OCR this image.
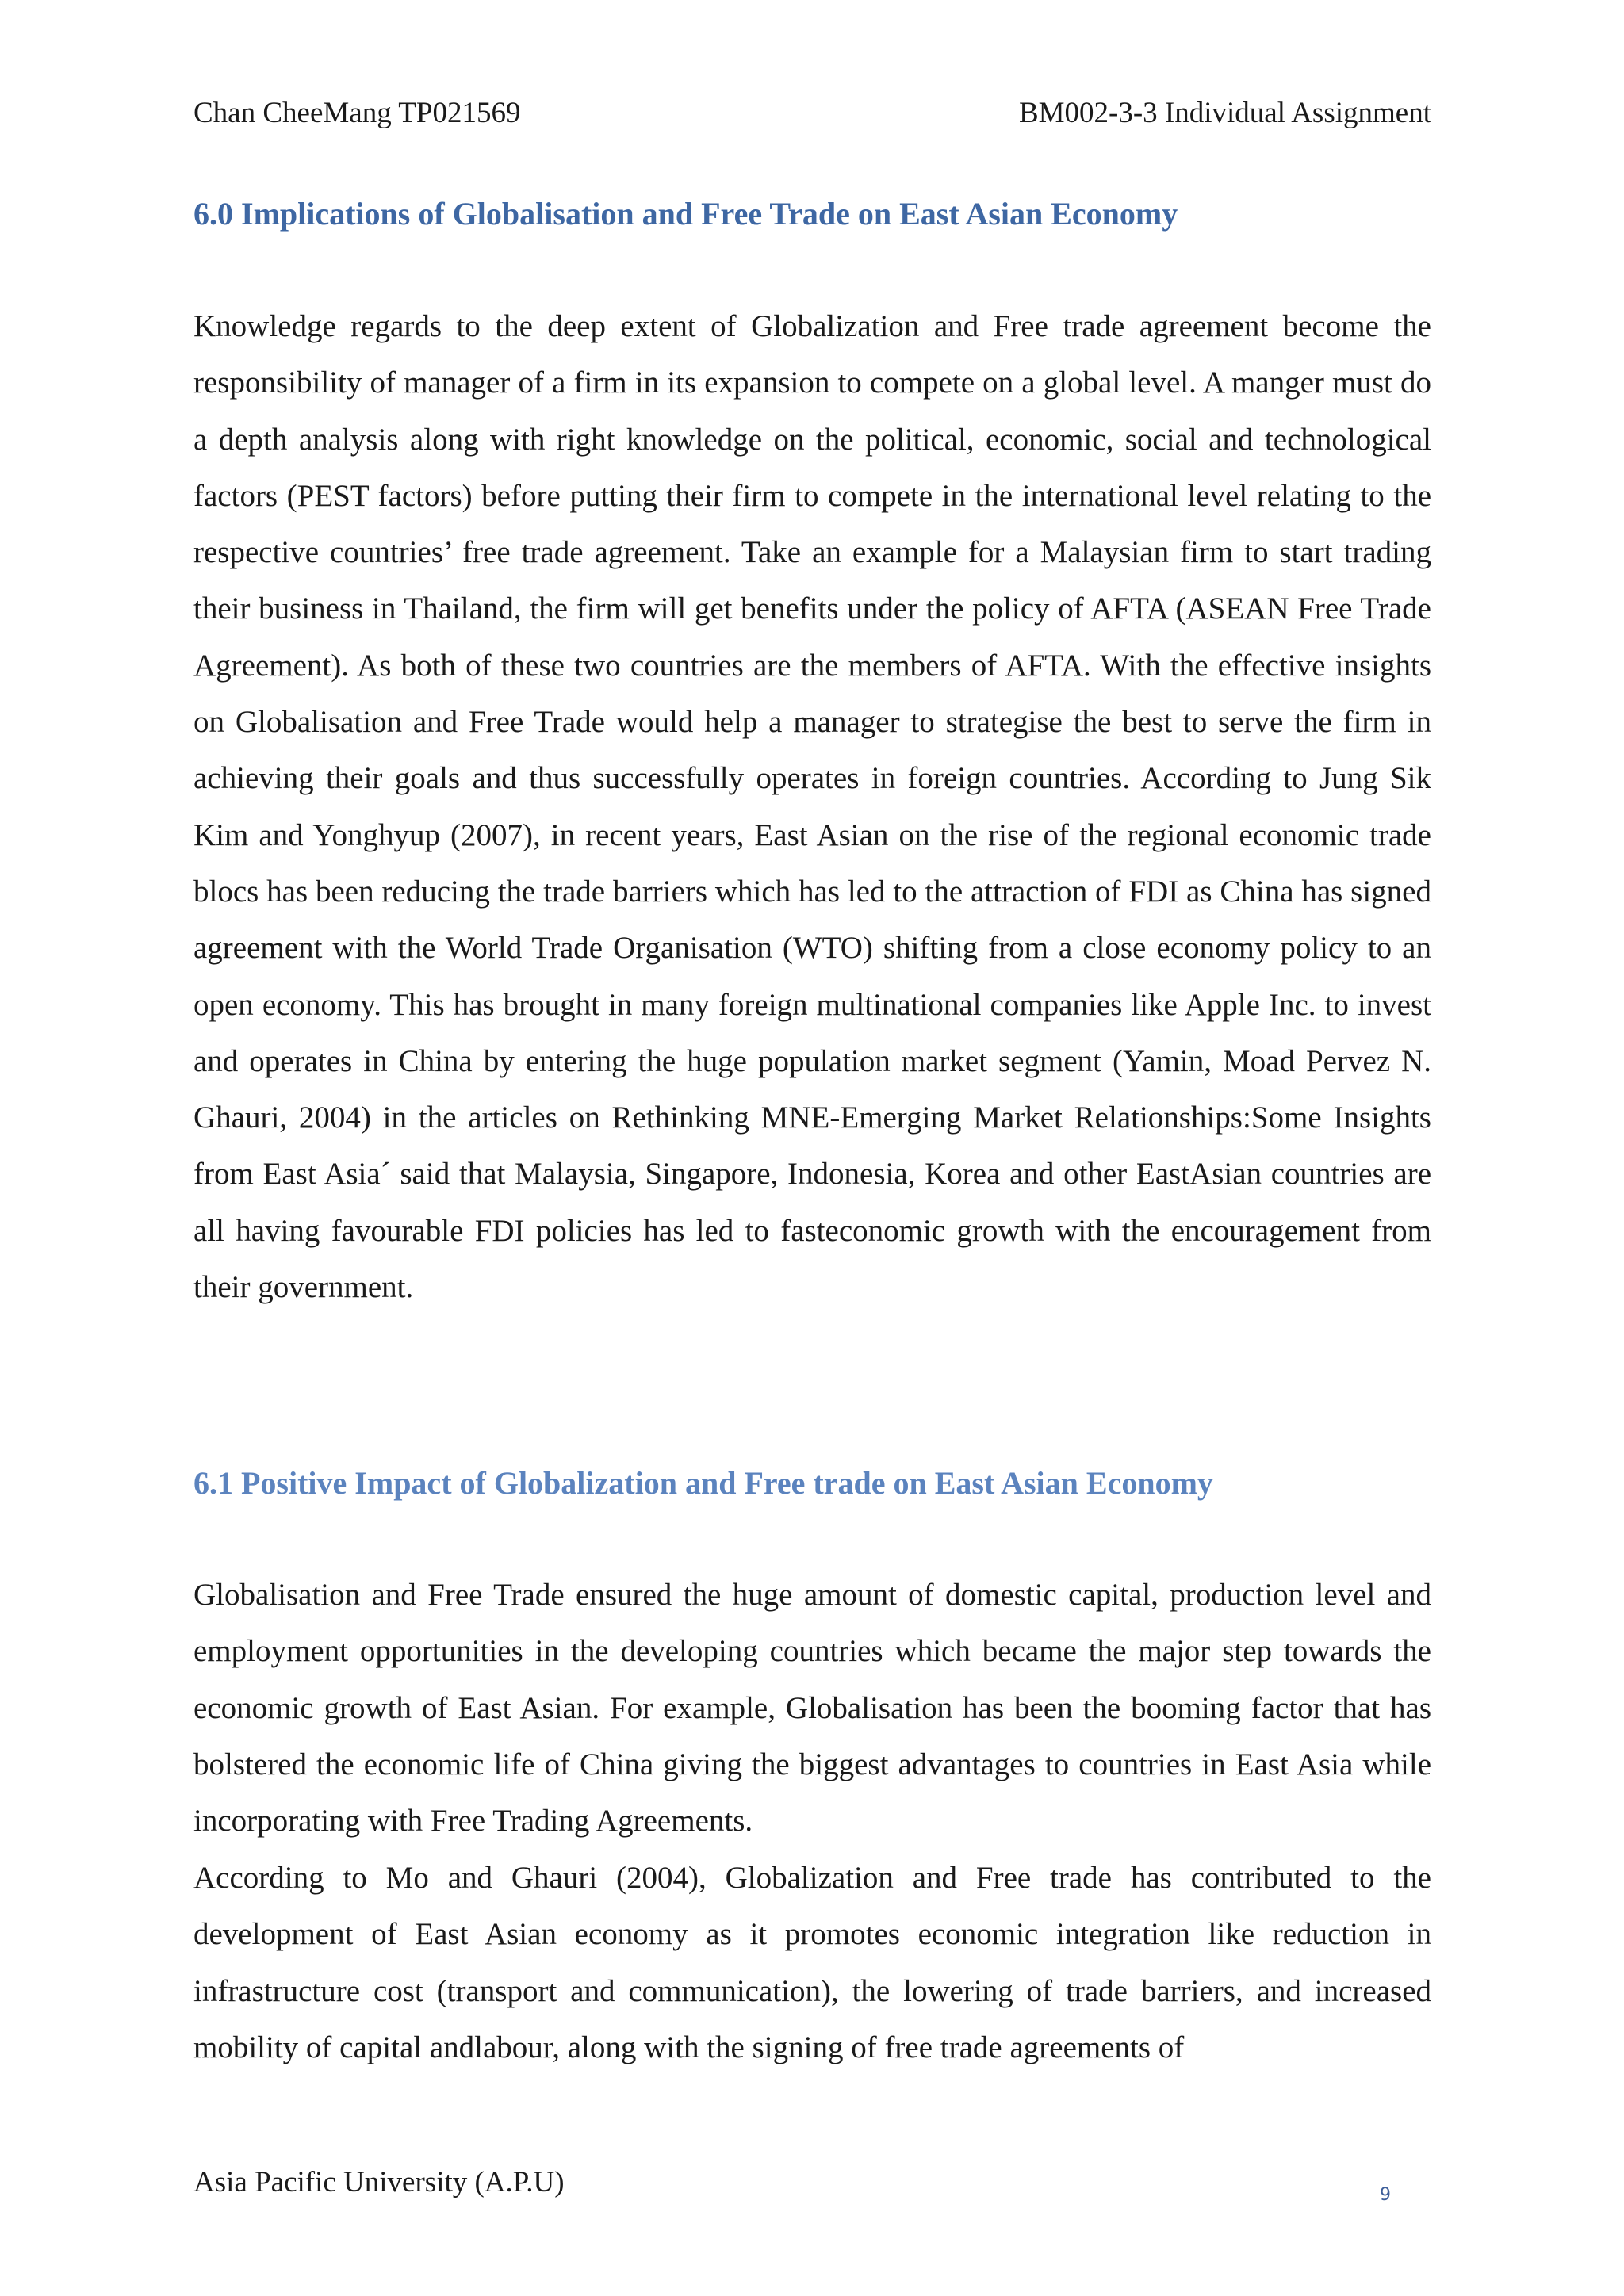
Chan CheeMang TP021569	BM002-3-3 Individual Assignment
6.0 Implications of Globalisation and Free Trade on East Asian Economy

Knowledge regards to the deep extent of Globalization and Free trade agreement become the responsibility of manager of a firm in its expansion to compete on a global level. A manger must do a depth analysis along with right knowledge on the political, economic, social and technological factors (PEST factors) before putting their firm to compete in the international level relating to the respective countries’ free trade agreement. Take an example for a Malaysian firm to start trading their business in Thailand, the firm will get benefits under the policy of AFTA (ASEAN Free Trade Agreement). As both of these two countries are the members of AFTA. With the effective insights on Globalisation and Free Trade would help a manager to strategise the best to serve the firm in achieving their goals and thus successfully operates in foreign countries. According to Jung Sik Kim and Yonghyup (2007), in recent years, East Asian on the rise of the regional economic trade blocs has been reducing the trade barriers which has led to the attraction of FDI as China has signed agreement with the World Trade Organisation (WTO) shifting from a close economy policy to an open economy. This has brought in many foreign multinational companies like Apple Inc. to invest and operates in China by entering the huge population market segment (Yamin, Moad Pervez N. Ghauri, 2004) in the articles on Rethinking MNE-Emerging Market Relationships:Some Insights from East Asia´ said that Malaysia, Singapore, Indonesia, Korea and other EastAsian countries are all having favourable FDI policies has led to fasteconomic growth with the encouragement from their government.

6.1 Positive Impact of Globalization and Free trade on East Asian Economy

Globalisation and Free Trade ensured the huge amount of domestic capital, production level and employment opportunities in the developing countries which became the major step towards the economic growth of East Asian. For example, Globalisation has been the booming factor that has bolstered the economic life of China giving the biggest advantages to countries in East Asia while incorporating with Free Trading Agreements.

According to Mo and Ghauri (2004), Globalization and Free trade has contributed to the development of East Asian economy as it promotes economic integration like reduction in infrastructure cost (transport and communication), the lowering of trade barriers, and increased mobility of capital andlabour, along with the signing of free trade agreements of

Asia Pacific University (A.P.U)	9
